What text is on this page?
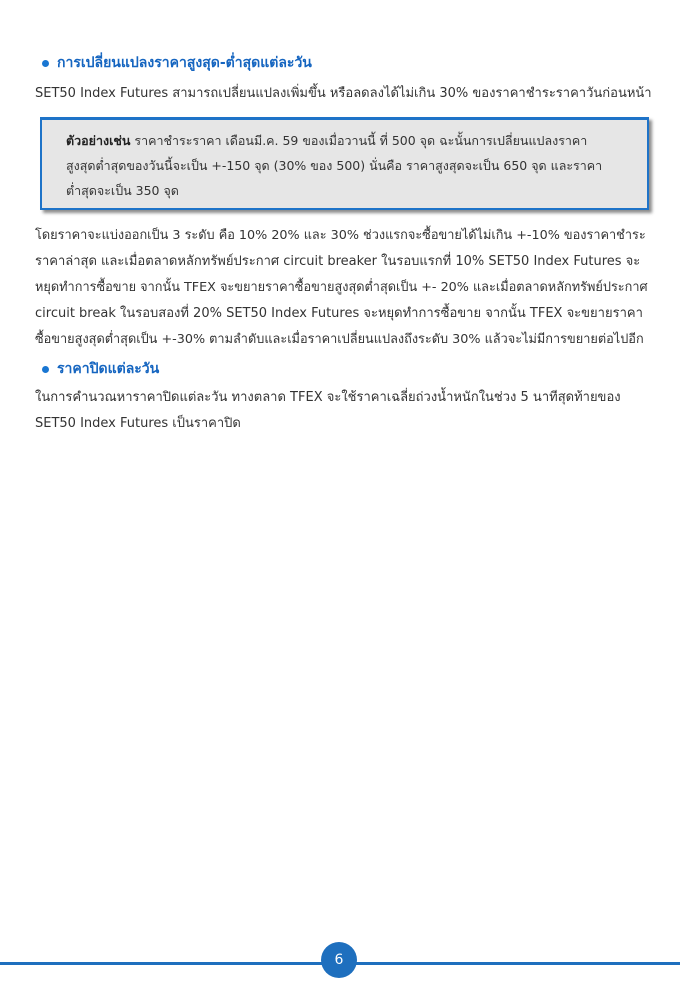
การเปลี่ยนแปลงราคาสูงสุด-ต่ำสุดแต่ละวัน
SET50 Index Futures สามารถเปลี่ยนแปลงเพิ่มขึ้น หรือลดลงได้ไม่เกิน 30% ของราคาชำระราคาวันก่อนหน้า
ตัวอย่างเช่น ราคาชำระราคา เดือนมี.ค. 59 ของเมื่อวานนี้ ที่ 500 จุด ฉะนั้นการเปลี่ยนแปลงราคา
สูงสุดต่ำสุดของวันนี้จะเป็น +-150 จุด (30% ของ 500) นั่นคือ ราคาสูงสุดจะเป็น 650 จุด และราคา
ต่ำสุดจะเป็น 350 จุด
โดยราคาจะแบ่งออกเป็น 3 ระดับ คือ 10% 20% และ 30% ช่วงแรกจะซื้อขายได้ไม่เกิน +-10% ของราคาชำระ
ราคาล่าสุด และเมื่อตลาดหลักทรัพย์ประกาศ circuit breaker ในรอบแรกที่ 10% SET50 Index Futures จะ
หยุดทำการซื้อขาย จากนั้น TFEX จะขยายราคาซื้อขายสูงสุดต่ำสุดเป็น +- 20% และเมื่อตลาดหลักทรัพย์ประกาศ
circuit break ในรอบสองที่ 20% SET50 Index Futures จะหยุดทำการซื้อขาย จากนั้น TFEX จะขยายราคา
ซื้อขายสูงสุดต่ำสุดเป็น +-30% ตามลำดับและเมื่อราคาเปลี่ยนแปลงถึงระดับ 30% แล้วจะไม่มีการขยายต่อไปอีก
ราคาปิดแต่ละวัน
ในการคำนวณหาราคาปิดแต่ละวัน ทางตลาด TFEX จะใช้ราคาเฉลี่ยถ่วงน้ำหนักในช่วง 5 นาทีสุดท้ายของ
SET50 Index Futures เป็นราคาปิด
6
